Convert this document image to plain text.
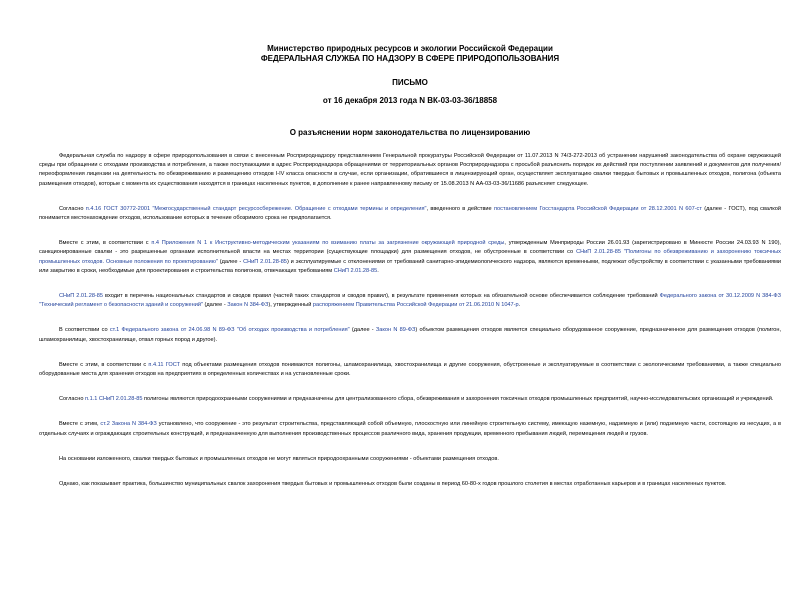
Министерство природных ресурсов и экологии Российской Федерации
ФЕДЕРАЛЬНАЯ СЛУЖБА ПО НАДЗОРУ В СФЕРЕ ПРИРОДОПОЛЬЗОВАНИЯ
ПИСЬМО
от 16 декабря 2013 года N ВК-03-03-36/18858
О разъяснении норм законодательства по лицензированию

Федеральная служба по надзору в сфере природопользования в связи с внесенным Росприроднадзору представлением Генеральной прокуратуры Российской Федерации от 11.07.2013 N 74/3-272-2013 об устранении нарушений законодательства об охране окружающей среды при обращении с отходами производства и потребления, а также поступающими в адрес Росприроднадзора обращениями от территориальных органов Росприроднадзора с просьбой разъяснить порядок их действий при поступлении заявлений и документов для получения/переоформления лицензии на деятельность по обезвреживанию и размещению отходов I-IV класса опасности в случае, если организации, обратившиеся в лицензирующий орган, осуществляет эксплуатацию свалки твердых бытовых и промышленных отходов, полигона (объекта размещения отходов), которые с момента их существования находятся в границах населенных пунктов, в дополнение к ранее направленному письму от 15.08.2013 N АА-03-03-36/11686 разъясняет следующее.

Согласно п.4.16 ГОСТ 30772-2001 "Межгосударственный стандарт ресурсосбережение. Обращение с отходами термины и определения", введенного в действие постановлением Госстандарта Российской Федерации от 28.12.2001 N 607-ст (далее - ГОСТ), под свалкой понимается местонахождение отходов, использование которых в течение обозримого срока не предполагается.

Вместе с этим, в соответствии с п.4 Приложения N 1 к Инструктивно-методическим указаниям по взиманию платы за загрязнение окружающей природной среды, утвержденным Минприроды России 26.01.93 (зарегистрировано в Минюсте России 24.03.93 N 190), санкционированные свалки - это разрешенные органами исполнительной власти на местах территории (существующие площадки) для размещения отходов, не обустроенные в соответствии со СНиП 2.01.28-85 "Полигоны по обезвреживанию и захоронению токсичных промышленных отходов. Основные положения по проектированию" (далее - СНиП 2.01.28-85) и эксплуатируемые с отклонениями от требований санитарно-эпидемиологического надзора, являются временными, подлежат обустройству в соответствии с указанными требованиями или закрытию в сроки, необходимые для проектирования и строительства полигонов, отвечающих требованиям СНиП 2.01.28-85.

СНиП 2.01.28-85 входит в перечень национальных стандартов и сводов правил (частей таких стандартов и сводов правил), в результате применения которых на обязательной основе обеспечивается соблюдение требований Федерального закона от 30.12.2009 N 384-ФЗ "Технический регламент о безопасности зданий и сооружений" (далее - Закон N 384-ФЗ), утвержденный распоряжением Правительства Российской Федерации от 21.06.2010 N 1047-р.

В соответствии со ст.1 Федерального закона от 24.06.98 N 89-ФЗ "Об отходах производства и потребления" (далее - Закон N 89-ФЗ) объектом размещения отходов является специально оборудованное сооружение, предназначенное для размещения отходов (полигон, шламохранилище, хвостохранилище, отвал горных пород и другое).

Вместе с этим, в соответствии с п.4.11 ГОСТ под объектами размещения отходов понимаются полигоны, шламохранилища, хвостохранилища и другие сооружения, обустроенные и эксплуатируемые в соответствии с экологическими требованиями, а также специально оборудованные места для хранения отходов на предприятиях в определенных количествах и на установленные сроки.

Согласно п.1.1 СНиП 2.01.28-85 полигоны являются природоохранными сооружениями и предназначены для централизованного сбора, обезвреживания и захоронения токсичных отходов промышленных предприятий, научно-исследовательских организаций и учреждений.

Вместе с этим, ст.2 Закона N 384-ФЗ установлено, что сооружение - это результат строительства, представляющий собой объемную, плоскостную или линейную строительную систему, имеющую наземную, надземную и (или) подземную части, состоящую из несущих, а в отдельных случаях и ограждающих строительных конструкций, и предназначенную для выполнения производственных процессов различного вида, хранения продукции, временного пребывания людей, перемещения людей и грузов.

На основании изложенного, свалки твердых бытовых и промышленных отходов не могут являться природоохранными сооружениями - объектами размещения отходов.

Однако, как показывает практика, большинство муниципальных свалок захоронения твердых бытовых и промышленных отходов были созданы в период 60-80-х годов прошлого столетия в местах отработанных карьеров и в границах населенных пунктов.
